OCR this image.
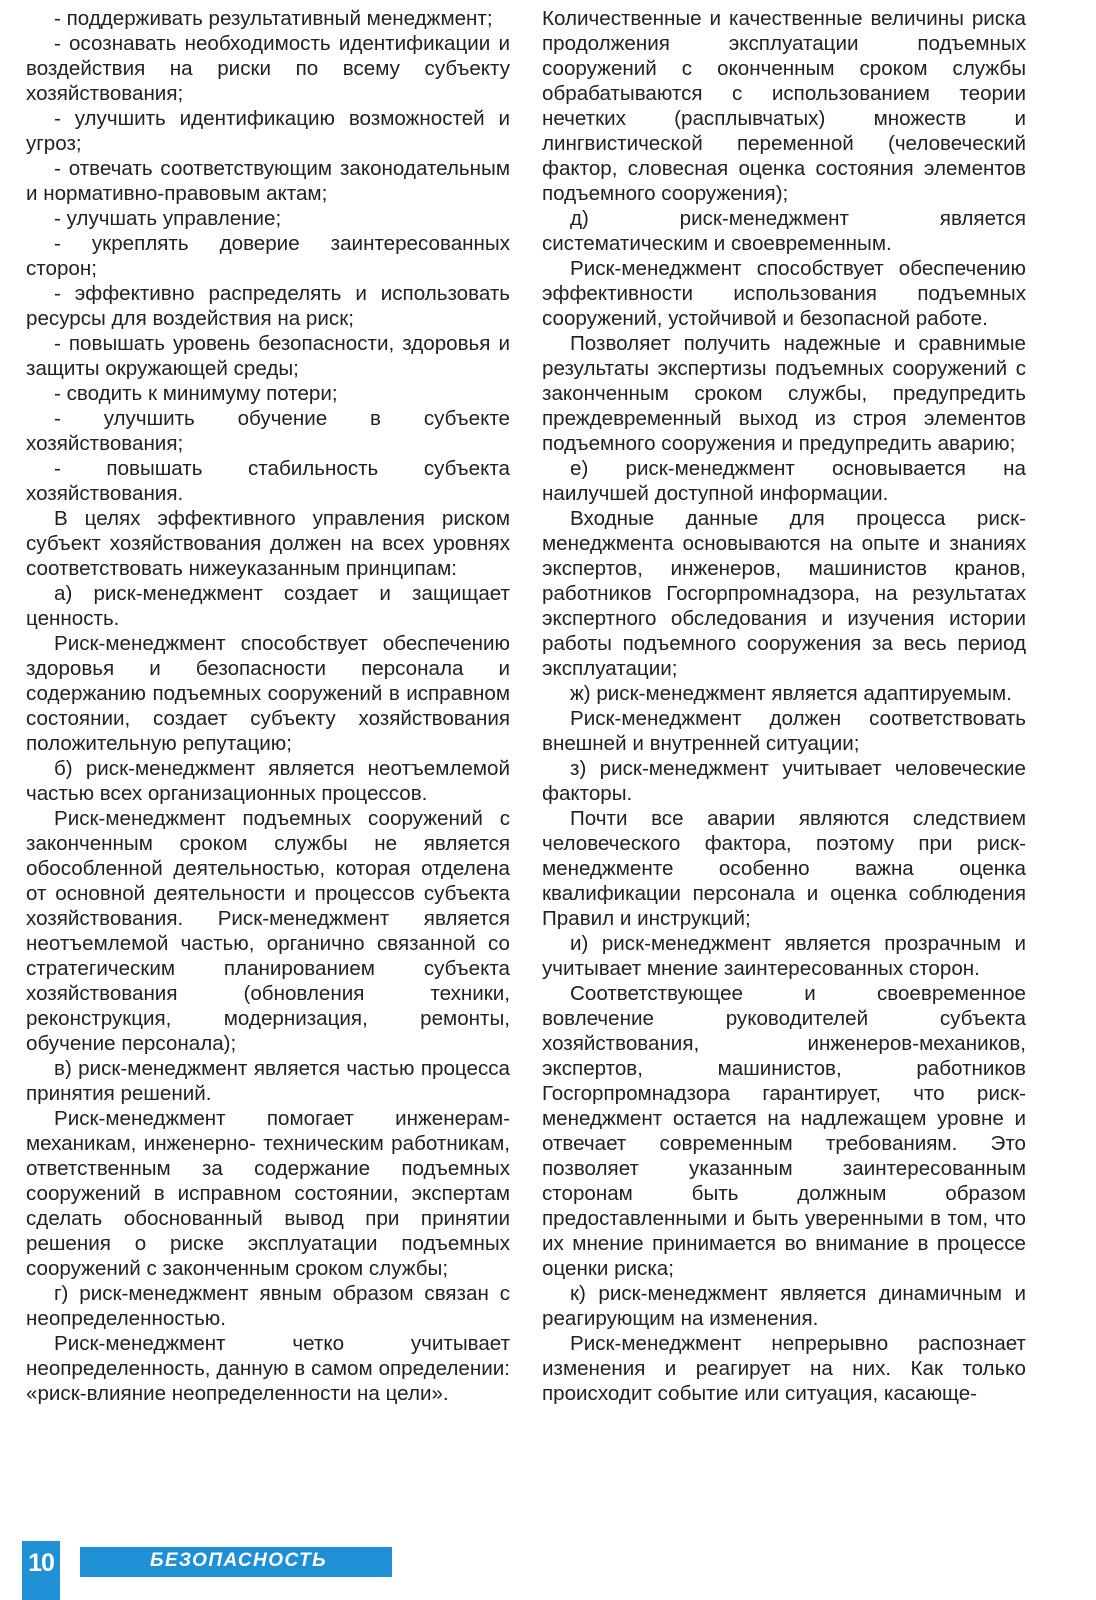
- поддерживать результативный менеджмент;

- осознавать необходимость идентификации и воздействия на риски по всему субъекту хозяйствования;

- улучшить идентификацию возможностей и угроз;

- отвечать соответствующим законодательным и нормативно-правовым актам;

- улучшать управление;

- укреплять доверие заинтересованных сторон;

- эффективно распределять и использовать ресурсы для воздействия на риск;

- повышать уровень безопасности, здоровья и защиты окружающей среды;

- сводить к минимуму потери;

- улучшить обучение в субъекте хозяйствования;

- повышать стабильность субъекта хозяйствования.

В целях эффективного управления риском субъект хозяйствования должен на всех уровнях соответствовать нижеуказанным принципам:

а) риск-менеджмент создает и защищает ценность.

Риск-менеджмент способствует обеспечению здоровья и безопасности персонала и содержанию подъемных сооружений в исправном состоянии, создает субъекту хозяйствования положительную репутацию;

б) риск-менеджмент является неотъемлемой частью всех организационных процессов.

Риск-менеджмент подъемных сооружений с законченным сроком службы не является обособленной деятельностью, которая отделена от основной деятельности и процессов субъекта хозяйствования. Риск-менеджмент является неотъемлемой частью, органично связанной со стратегическим планированием субъекта хозяйствования (обновления техники, реконструкция, модернизация, ремонты, обучение персонала);

в) риск-менеджмент является частью процесса принятия решений.

Риск-менеджмент помогает инженерам-механикам, инженерно- техническим работникам, ответственным за содержание подъемных сооружений в исправном состоянии, экспертам сделать обоснованный вывод при принятии решения о риске эксплуатации подъемных сооружений с законченным сроком службы;

г) риск-менеджмент явным образом связан с неопределенностью.

Риск-менеджмент четко учитывает неопределенность, данную в самом определении: «риск-влияние неопределенности на цели».

Количественные и качественные величины риска продолжения эксплуатации подъемных сооружений с оконченным сроком службы обрабатываются с использованием теории нечетких (расплывчатых) множеств и лингвистической переменной (человеческий фактор, словесная оценка состояния элементов подъемного сооружения);

д) риск-менеджмент является систематическим и своевременным.

Риск-менеджмент способствует обеспечению эффективности использования подъемных сооружений, устойчивой и безопасной работе.

Позволяет получить надежные и сравнимые результаты экспертизы подъемных сооружений с законченным сроком службы, предупредить преждевременный выход из строя элементов подъемного сооружения и предупредить аварию;

е) риск-менеджмент основывается на наилучшей доступной информации.

Входные данные для процесса риск-менеджмента основываются на опыте и знаниях экспертов, инженеров, машинистов кранов, работников Госгорпромнадзора, на результатах экспертного обследования и изучения истории работы подъемного сооружения за весь период эксплуатации;

ж) риск-менеджмент является адаптируемым.

Риск-менеджмент должен соответствовать внешней и внутренней ситуации;

з) риск-менеджмент учитывает человеческие факторы.

Почти все аварии являются следствием человеческого фактора, поэтому при риск-менеджменте особенно важна оценка квалификации персонала и оценка соблюдения Правил и инструкций;

и) риск-менеджмент является прозрачным и учитывает мнение заинтересованных сторон.

Соответствующее и своевременное вовлечение руководителей субъекта хозяйствования, инженеров-механиков, экспертов, машинистов, работников Госгорпромнадзора гарантирует, что риск-менеджмент остается на надлежащем уровне и отвечает современным требованиям. Это позволяет указанным заинтересованным сторонам быть должным образом предоставленными и быть уверенными в том, что их мнение принимается во внимание в процессе оценки риска;

к) риск-менеджмент является динамичным и реагирующим на изменения.

Риск-менеджмент непрерывно распознает изменения и реагирует на них. Как только происходит событие или ситуация, касающе-

10	БЕЗОПАСНОСТЬ
